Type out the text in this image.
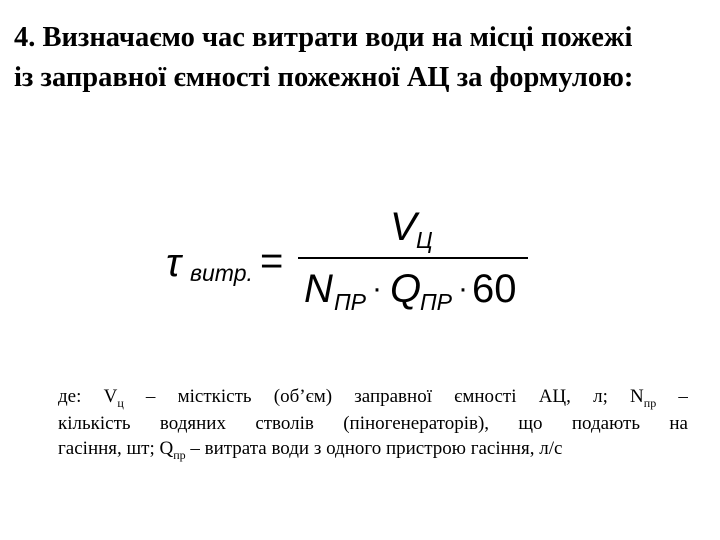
4. Визначаємо час витрати води на місці пожежі
із заправної ємності пожежної АЦ за формулою:
τ витр. =
V Ц
N ПР · Q
ПР · 60
де: $V_ц$ – місткість (об’єм) заправної ємності АЦ, л; $N_{пр}$ –
кількість водяних стволів (піногенераторів), що подають на
гасіння, шт; $Q_{пр}$ – витрата води з одного пристрою гасіння, л/с
